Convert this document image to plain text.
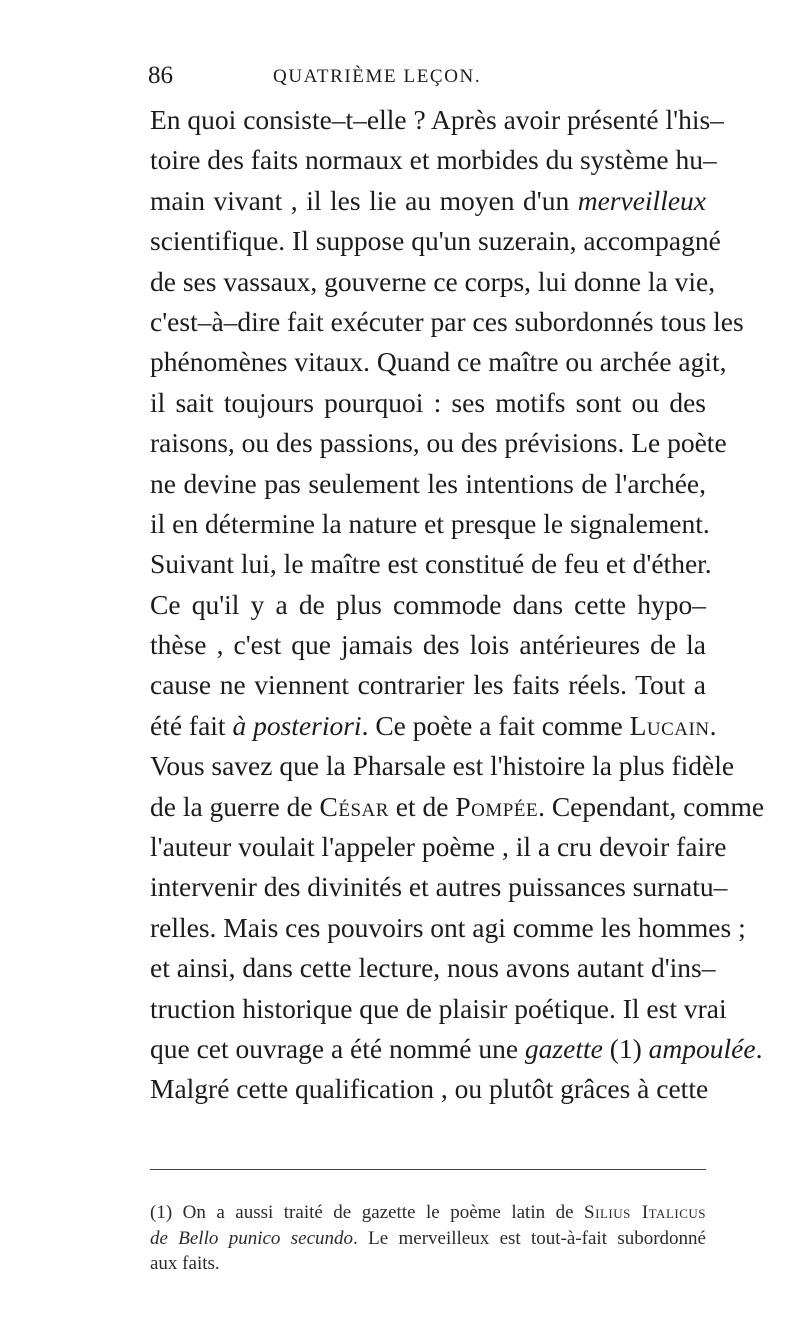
86	QUATRIÈME LEÇON.
En quoi consiste–t–elle ? Après avoir présenté l'his–
toire des faits normaux et morbides du système hu–
main vivant , il les lie au moyen d'un merveilleux
scientifique. Il suppose qu'un suzerain, accompagné
de ses vassaux, gouverne ce corps, lui donne la vie,
c'est–à–dire fait exécuter par ces subordonnés tous les
phénomènes vitaux. Quand ce maître ou archée agit,
il sait toujours pourquoi : ses motifs sont ou des
raisons, ou des passions, ou des prévisions. Le poète
ne devine pas seulement les intentions de l'archée,
il en détermine la nature et presque le signalement.
Suivant lui, le maître est constitué de feu et d'éther.
Ce qu'il y a de plus commode dans cette hypo–
thèse , c'est que jamais des lois antérieures de la
cause ne viennent contrarier les faits réels. Tout a
été fait à posteriori. Ce poète a fait comme Lucain.
Vous savez que la Pharsale est l'histoire la plus fidèle
de la guerre de César et de Pompée. Cependant, comme
l'auteur voulait l'appeler poème , il a cru devoir faire
intervenir des divinités et autres puissances surnatu–
relles. Mais ces pouvoirs ont agi comme les hommes ;
et ainsi, dans cette lecture, nous avons autant d'ins–
truction historique que de plaisir poétique. Il est vrai
que cet ouvrage a été nommé une gazette (1) ampoulée.
Malgré cette qualification , ou plutôt grâces à cette
(1) On a aussi traité de gazette le poème latin de Silius Italicus
de Bello punico secundo. Le merveilleux est tout-à-fait subordonné
aux faits.
